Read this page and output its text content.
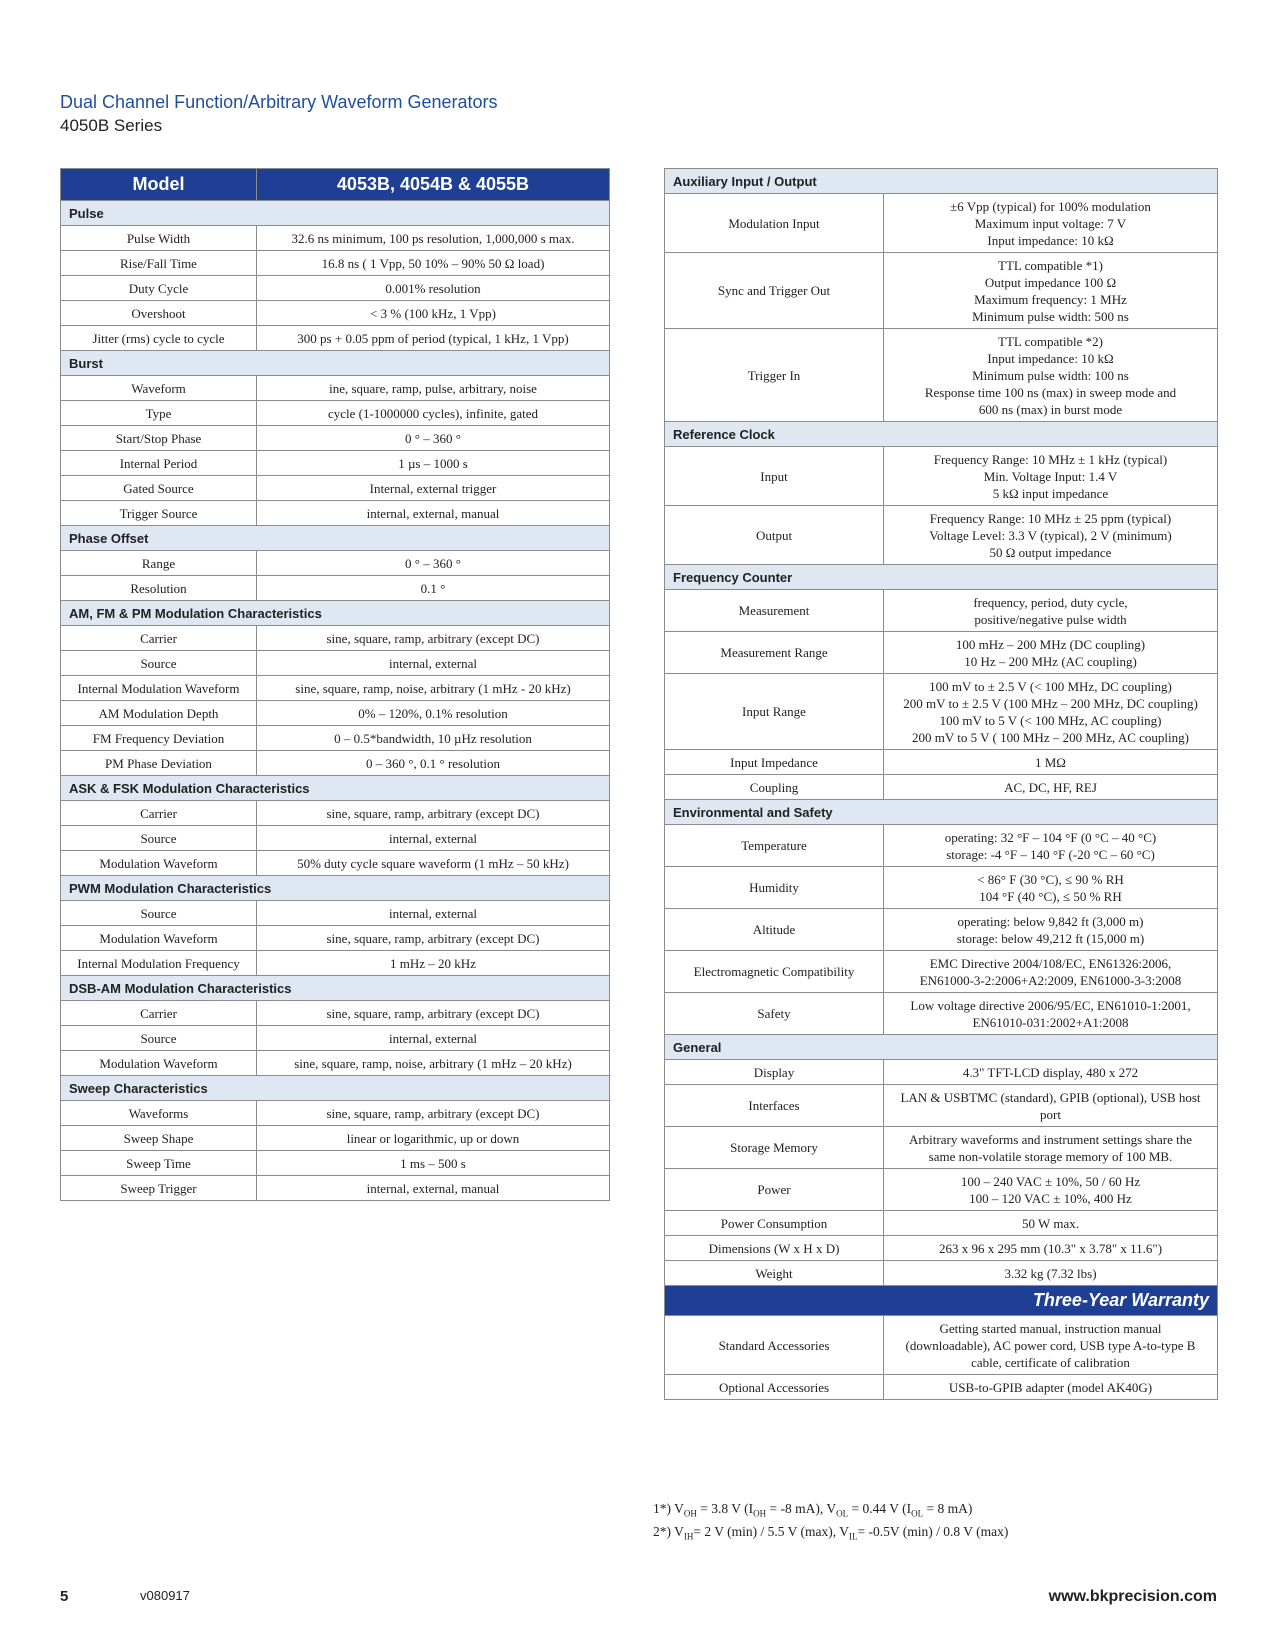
Dual Channel Function/Arbitrary Waveform Generators
4050B Series
Model	4053B, 4054B & 4055B
Pulse	
Pulse Width	32.6 ns minimum, 100 ps resolution, 1,000,000 s max.
Rise/Fall Time	16.8 ns ( 1 Vpp, 50 10% – 90% 50 Ω load)
Duty Cycle	0.001% resolution
Overshoot	< 3 % (100 kHz, 1 Vpp)
Jitter (rms) cycle to cycle	300 ps + 0.05 ppm of period (typical, 1 kHz, 1 Vpp)
Burst	
Waveform	ine, square, ramp, pulse, arbitrary, noise
Type	cycle (1-1000000 cycles), infinite, gated
Start/Stop Phase	0 ° – 360 °
Internal Period	1 µs – 1000 s
Gated Source	Internal, external trigger
Trigger Source	internal, external, manual
Phase Offset	
Range	0 ° – 360 °
Resolution	0.1 °
AM, FM & PM Modulation Characteristics	
Carrier	sine, square, ramp, arbitrary (except DC)
Source	internal, external
Internal Modulation Waveform	sine, square, ramp, noise, arbitrary (1 mHz - 20 kHz)
AM Modulation Depth	0% – 120%, 0.1% resolution
FM Frequency Deviation	0 – 0.5*bandwidth, 10 µHz resolution
PM Phase Deviation	0 – 360 °, 0.1 ° resolution
ASK & FSK Modulation Characteristics	
Carrier	sine, square, ramp, arbitrary (except DC)
Source	internal, external
Modulation Waveform	50% duty cycle square waveform (1 mHz – 50 kHz)
PWM Modulation Characteristics	
Source	internal, external
Modulation Waveform	sine, square, ramp, arbitrary (except DC)
Internal Modulation Frequency	1 mHz – 20 kHz
DSB-AM Modulation Characteristics	
Carrier	sine, square, ramp, arbitrary (except DC)
Source	internal, external
Modulation Waveform	sine, square, ramp, noise, arbitrary (1 mHz – 20 kHz)
Sweep Characteristics	
Waveforms	sine, square, ramp, arbitrary (except DC)
Sweep Shape	linear or logarithmic, up or down
Sweep Time	1 ms – 500 s
Sweep Trigger	internal, external, manual
Auxiliary Input / Output	
Modulation Input	±6 Vpp (typical) for 100% modulation
Maximum input voltage: 7 V
Input impedance: 10 kΩ
Sync and Trigger Out	TTL compatible *1)
Output impedance 100 Ω
Maximum frequency: 1 MHz
Minimum pulse width: 500 ns
Trigger In	TTL compatible *2)
Input impedance: 10 kΩ
Minimum pulse width: 100 ns
Response time 100 ns (max) in sweep mode and
600 ns (max) in burst mode
Reference Clock	
Input	Frequency Range: 10 MHz ± 1 kHz (typical)
Min. Voltage Input: 1.4 V
5 kΩ input impedance
Output	Frequency Range: 10 MHz ± 25 ppm (typical)
Voltage Level: 3.3 V (typical), 2 V (minimum)
50 Ω output impedance
Frequency Counter	
Measurement	frequency, period, duty cycle,
positive/negative pulse width
Measurement Range	100 mHz – 200 MHz (DC coupling)
10 Hz – 200 MHz (AC coupling)
Input Range	100 mV to ± 2.5 V (< 100 MHz, DC coupling)
200 mV to ± 2.5 V (100 MHz – 200 MHz, DC coupling)
100 mV to 5 V (< 100 MHz, AC coupling)
200 mV to 5 V ( 100 MHz – 200 MHz, AC coupling)
Input Impedance	1 MΩ
Coupling	AC, DC, HF, REJ
Environmental and Safety	
Temperature	operating: 32 °F – 104 °F (0 °C – 40 °C)
storage: -4 °F – 140 °F (-20 °C – 60 °C)
Humidity	< 86° F (30 °C), ≤ 90 % RH
104 °F (40 °C), ≤ 50 % RH
Altitude	operating: below 9,842 ft (3,000 m)
storage: below 49,212 ft (15,000 m)
Electromagnetic Compatibility	EMC Directive 2004/108/EC, EN61326:2006,
EN61000-3-2:2006+A2:2009, EN61000-3-3:2008
Safety	Low voltage directive 2006/95/EC, EN61010-1:2001,
EN61010-031:2002+A1:2008
General	
Display	4.3" TFT-LCD display, 480 x 272
Interfaces	LAN & USBTMC (standard), GPIB (optional), USB host
port
Storage Memory	Arbitrary waveforms and instrument settings share the
same non-volatile storage memory of 100 MB.
Power	100 – 240 VAC ± 10%, 50 / 60 Hz
100 – 120 VAC ± 10%, 400 Hz
Power Consumption	50 W max.
Dimensions (W x H x D)	263 x 96 x 295 mm (10.3" x 3.78" x 11.6")
Weight	3.32 kg (7.32 lbs)
Three-Year Warranty	
Standard Accessories	Getting started manual, instruction manual
(downloadable), AC power cord, USB type A-to-type B
cable, certificate of calibration
Optional Accessories	USB-to-GPIB adapter (model AK40G)
1*) $V_{OH} = 3.8$ V ($I_{OH} = -8$ mA), $V_{OL} = 0.44$ V ($I_{OL} = 8$ mA)
2*) $V_{IH}= 2$ V (min) / 5.5 V (max), $V_{IL}= -0.5V$ (min) / 0.8 V (max)
5	v080917	www.bkprecision.com
